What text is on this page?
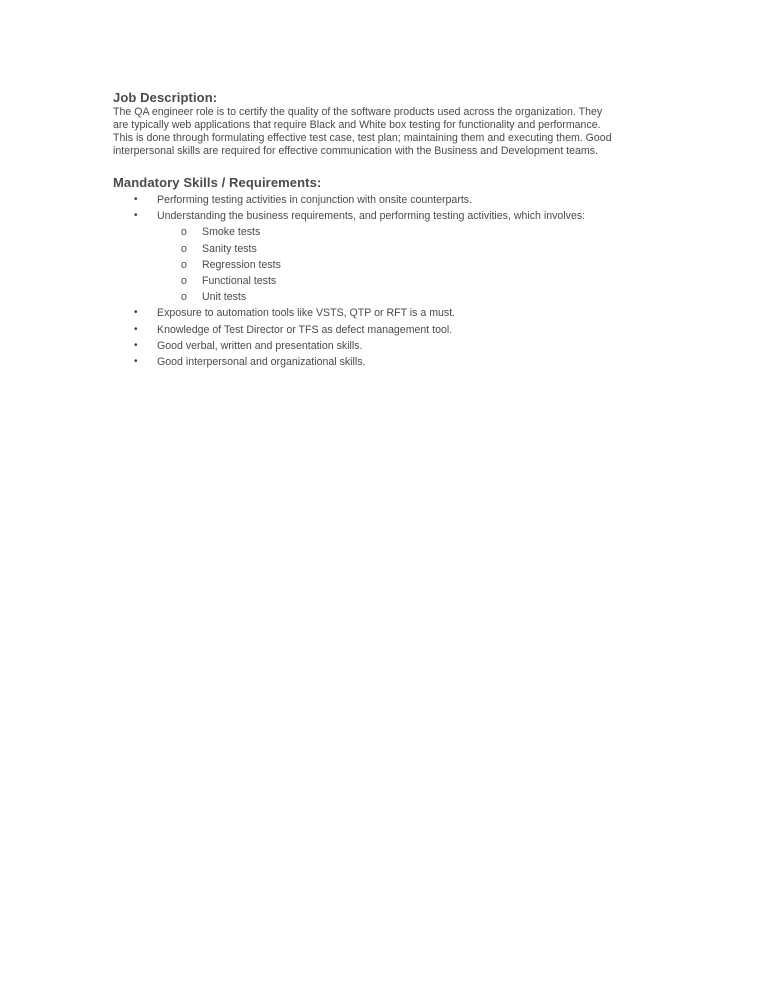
Job Description:

The QA engineer role is to certify the quality of the software products used across the organization. They
are typically web applications that require Black and White box testing for functionality and performance.
This is done through formulating effective test case, test plan; maintaining them and executing them. Good
interpersonal skills are required for effective communication with the Business and Development teams.

Mandatory Skills / Requirements:
• Performing testing activities in conjunction with onsite counterparts.
• Understanding the business requirements, and performing testing activities, which involves:
o Smoke tests
o Sanity tests
o Regression tests
o Functional tests
o Unit tests
• Exposure to automation tools like VSTS, QTP or RFT is a must.
• Knowledge of Test Director or TFS as defect management tool.
• Good verbal, written and presentation skills.
• Good interpersonal and organizational skills.
